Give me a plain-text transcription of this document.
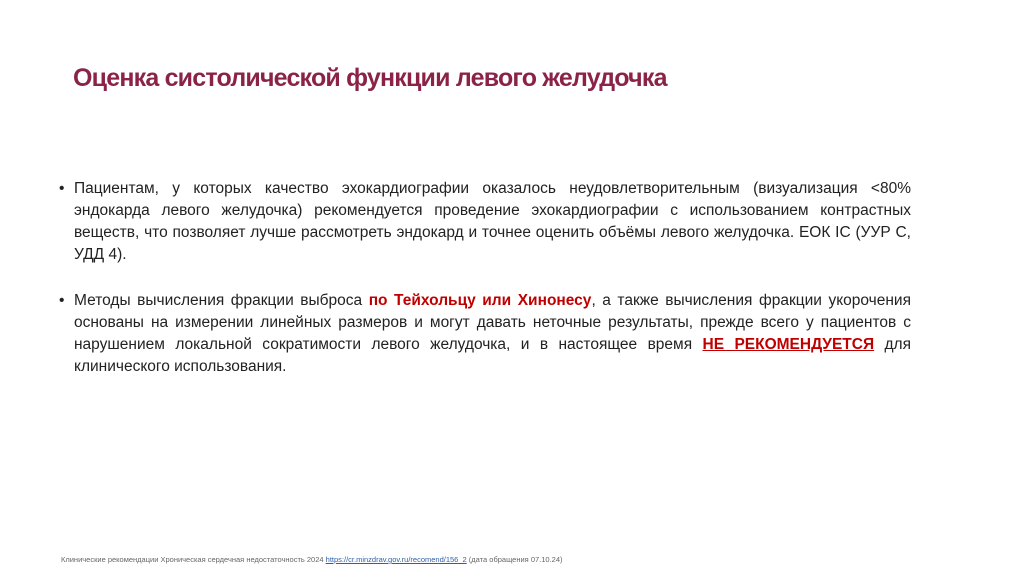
Оценка систолической функции левого желудочка
• Пациентам, у которых качество эхокардиографии оказалось неудовлетворительным (визуализация <80% эндокарда левого желудочка) рекомендуется проведение эхокардиографии с использованием контрастных веществ, что позволяет лучше рассмотреть эндокард и точнее оценить объёмы левого желудочка. ЕОК IC (УУР С, УДД 4).
• Методы вычисления фракции выброса по Тейхольцу или Хинонесу, а также вычисления фракции укорочения основаны на измерении линейных размеров и могут давать неточные результаты, прежде всего у пациентов с нарушением локальной сократимости левого желудочка, и в настоящее время НЕ РЕКОМЕНДУЕТСЯ для клинического использования.
Клинические рекомендации Хроническая сердечная недостаточность 2024 https://cr.minzdrav.gov.ru/recomend/156_2 (дата обращения 07.10.24)
